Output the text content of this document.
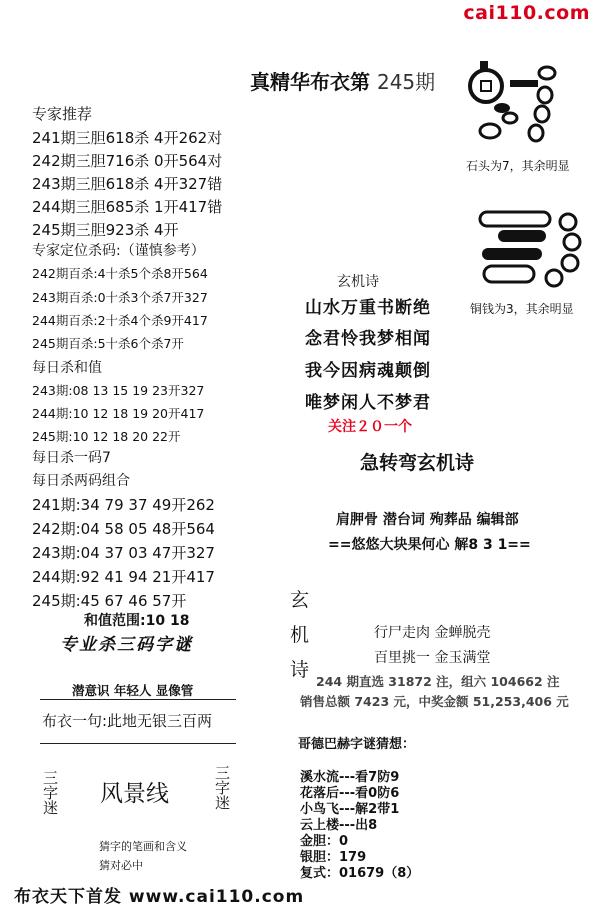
cai110.com
真精华布衣第 245期
专家推荐
241期三胆618杀 4开262对
242期三胆716杀 0开564对
243期三胆618杀 4开327错
244期三胆685杀 1开417错
245期三胆923杀 4开
专家定位杀码:（谨慎参考）
242期百杀:4十杀5个杀8开564
243期百杀:0十杀3个杀7开327
244期百杀:2十杀4个杀9开417
245期百杀:5十杀6个杀7开
每日杀和值
243期:08 13 15 19 23开327
244期:10 12 18 19 20开417
245期:10 12 18 20 22开
每日杀一码7
每日杀两码组合
241期:34 79 37 49开262
242期:04 58 05 48开564
243期:04 37 03 47开327
244期:92 41 94 21开417
245期:45 67 46 57开
和值范围:10 18
专业杀三码字谜
潜意识 年轻人 显像管
布衣一句:此地无银三百两
三字迷 风景线	三字迷
猜字的笔画和含义
猜对必中
布衣天下首发 www.cai110.com
石头为7，其余明显
铜钱为3，其余明显
玄机诗
山水万重书断绝
念君怜我梦相闻
我今因病魂颠倒
唯梦闲人不梦君
关注２０一个
急转弯玄机诗
肩胛骨 潜台词 殉葬品 编辑部
==悠悠大块果何心 解8 3 1==
玄
机
诗
行尸走肉 金蝉脱壳
百里挑一 金玉满堂
244 期直选 31872 注，组六 104662 注
销售总额 7423 元，中奖金额 51,253,406 元
哥德巴赫字谜猜想：
溪水流---看7防9
花落后---看0防6
小鸟飞---解2带1
云上楼---出8
金胆：0
银胆：179
复式：01679（8）
